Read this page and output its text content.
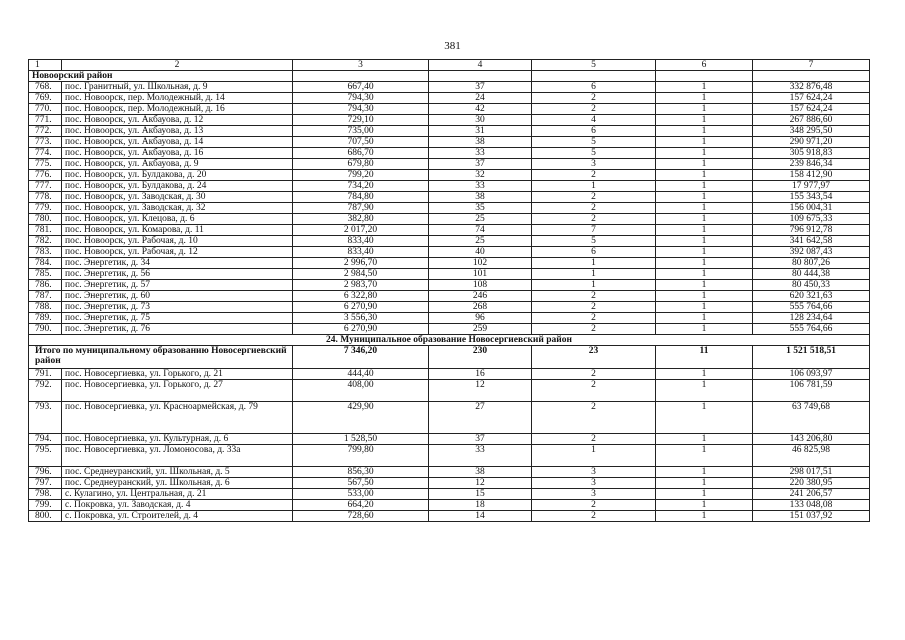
381
1	2	3	4	5	6	7
Новоорский район						
768.	пос. Гранитный, ул. Школьная, д. 9	667,40	37	6	1	332 876,48
769.	пос. Новоорск, пер. Молодежный, д. 14	794,30	24	2	1	157 624,24
770.	пос. Новоорск, пер. Молодежный, д. 16	794,30	42	2	1	157 624,24
771.	пос. Новоорск, ул. Акбауова, д. 12	729,10	30	4	1	267 886,60
772.	пос. Новоорск, ул. Акбауова, д. 13	735,00	31	6	1	348 295,50
773.	пос. Новоорск, ул. Акбауова, д. 14	707,50	38	5	1	290 971,20
774.	пос. Новоорск, ул. Акбауова, д. 16	686,70	33	5	1	305 918,83
775.	пос. Новоорск, ул. Акбауова, д. 9	679,80	37	3	1	239 846,34
776.	пос. Новоорск, ул. Булдакова, д. 20	799,20	32	2	1	158 412,90
777.	пос. Новоорск, ул. Булдакова, д. 24	734,20	33	1	1	17 977,97
778.	пос. Новоорск, ул. Заводская, д. 30	784,80	38	2	1	155 343,54
779.	пос. Новоорск, ул. Заводская, д. 32	787,90	35	2	1	156 004,31
780.	пос. Новоорск, ул. Клецова, д. 6	382,80	25	2	1	109 675,33
781.	пос. Новоорск, ул. Комарова, д. 11	2 017,20	74	7	1	796 912,78
782.	пос. Новоорск, ул. Рабочая, д. 10	833,40	25	5	1	341 642,58
783.	пос. Новоорск, ул. Рабочая, д. 12	833,40	40	6	1	392 087,43
784.	пос. Энергетик, д. 34	2 996,70	102	1	1	80 807,26
785.	пос. Энергетик, д. 56	2 984,50	101	1	1	80 444,38
786.	пос. Энергетик, д. 57	2 983,70	108	1	1	80 450,33
787.	пос. Энергетик, д. 60	6 322,80	246	2	1	620 321,63
788.	пос. Энергетик, д. 73	6 270,90	268	2	1	555 764,66
789.	пос. Энергетик, д. 75	3 556,30	96	2	1	128 234,64
790.	пос. Энергетик, д. 76	6 270,90	259	2	1	555 764,66
24. Муниципальное образование Новосергиевский район						
Итого по муниципальному образованию Новосергиевский район		7 346,20	230	23	11	1 521 518,51
791.	пос. Новосергиевка, ул. Горького, д. 21	444,40	16	2	1	106 093,97
792.	пос. Новосергиевка, ул. Горького, д. 27	408,00	12	2	1	106 781,59
793.	пос. Новосергиевка, ул. Красноармейская, д. 79	429,90	27	2	1	63 749,68
794.	пос. Новосергиевка, ул. Культурная, д. 6	1 528,50	37	2	1	143 206,80
795.	пос. Новосергиевка, ул. Ломоносова, д. 33а	799,80	33	1	1	46 825,98
796.	пос. Среднеуранский, ул. Школьная, д. 5	856,30	38	3	1	298 017,51
797.	пос. Среднеуранский, ул. Школьная, д. 6	567,50	12	3	1	220 380,95
798.	с. Кулагино, ул. Центральная, д. 21	533,00	15	3	1	241 206,57
799.	с. Покровка, ул. Заводская, д. 4	664,20	18	2	1	133 048,08
800.	с. Покровка, ул. Строителей, д. 4	728,60	14	2	1	151 037,92
